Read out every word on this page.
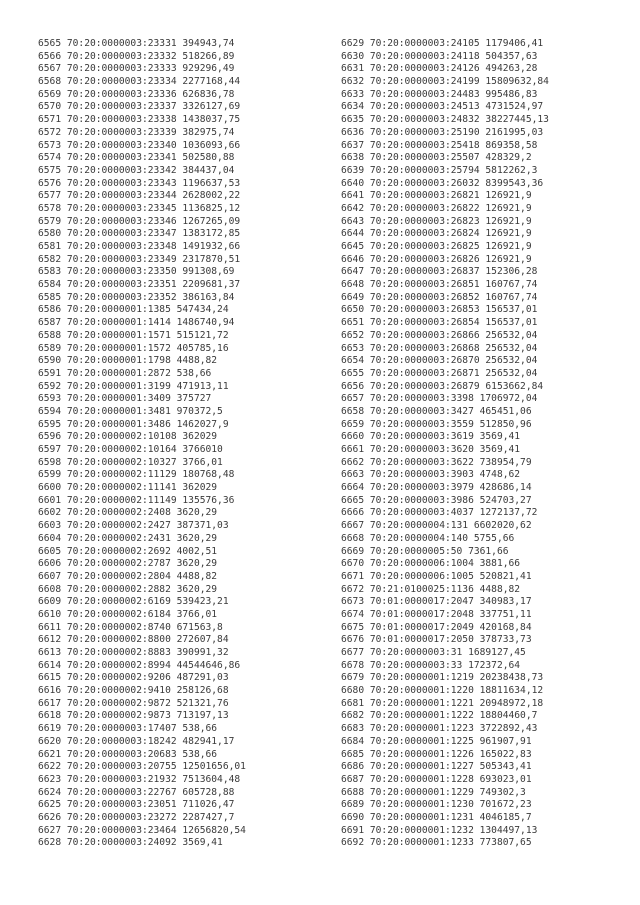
6565 70:20:0000003:23331 394943,74
6566 70:20:0000003:23332 518266,89
6567 70:20:0000003:23333 929296,49
6568 70:20:0000003:23334 2277168,44
6569 70:20:0000003:23336 626836,78
6570 70:20:0000003:23337 3326127,69
6571 70:20:0000003:23338 1438037,75
6572 70:20:0000003:23339 382975,74
6573 70:20:0000003:23340 1036093,66
6574 70:20:0000003:23341 502580,88
6575 70:20:0000003:23342 384437,04
6576 70:20:0000003:23343 1196637,53
6577 70:20:0000003:23344 2628002,22
6578 70:20:0000003:23345 1136825,12
6579 70:20:0000003:23346 1267265,09
6580 70:20:0000003:23347 1383172,85
6581 70:20:0000003:23348 1491932,66
6582 70:20:0000003:23349 2317870,51
6583 70:20:0000003:23350 991308,69
6584 70:20:0000003:23351 2209681,37
6585 70:20:0000003:23352 386163,84
6586 70:20:0000001:1385 547434,24
6587 70:20:0000001:1414 1486740,94
6588 70:20:0000001:1571 515121,72
6589 70:20:0000001:1572 405785,16
6590 70:20:0000001:1798 4488,82
6591 70:20:0000001:2872 538,66
6592 70:20:0000001:3199 471913,11
6593 70:20:0000001:3409 375727
6594 70:20:0000001:3481 970372,5
6595 70:20:0000001:3486 1462027,9
6596 70:20:0000002:10108 362029
6597 70:20:0000002:10164 3766010
6598 70:20:0000002:10327 3766,01
6599 70:20:0000002:11129 180768,48
6600 70:20:0000002:11141 362029
6601 70:20:0000002:11149 135576,36
6602 70:20:0000002:2408 3620,29
6603 70:20:0000002:2427 387371,03
6604 70:20:0000002:2431 3620,29
6605 70:20:0000002:2692 4002,51
6606 70:20:0000002:2787 3620,29
6607 70:20:0000002:2804 4488,82
6608 70:20:0000002:2882 3620,29
6609 70:20:0000002:6169 539423,21
6610 70:20:0000002:6184 3766,01
6611 70:20:0000002:8740 671563,8
6612 70:20:0000002:8800 272607,84
6613 70:20:0000002:8883 390991,32
6614 70:20:0000002:8994 44544646,86
6615 70:20:0000002:9206 487291,03
6616 70:20:0000002:9410 258126,68
6617 70:20:0000002:9872 521321,76
6618 70:20:0000002:9873 713197,13
6619 70:20:0000003:17407 538,66
6620 70:20:0000003:18242 482941,17
6621 70:20:0000003:20683 538,66
6622 70:20:0000003:20755 12501656,01
6623 70:20:0000003:21932 7513604,48
6624 70:20:0000003:22767 605728,88
6625 70:20:0000003:23051 711026,47
6626 70:20:0000003:23272 2287427,7
6627 70:20:0000003:23464 12656820,54
6628 70:20:0000003:24092 3569,41
6629 70:20:0000003:24105 1179406,41
6630 70:20:0000003:24118 504357,63
6631 70:20:0000003:24126 494263,28
6632 70:20:0000003:24199 15809632,84
6633 70:20:0000003:24483 995486,83
6634 70:20:0000003:24513 4731524,97
6635 70:20:0000003:24832 38227445,13
6636 70:20:0000003:25190 2161995,03
6637 70:20:0000003:25418 869358,58
6638 70:20:0000003:25507 428329,2
6639 70:20:0000003:25794 5812262,3
6640 70:20:0000003:26032 8399543,36
6641 70:20:0000003:26821 126921,9
6642 70:20:0000003:26822 126921,9
6643 70:20:0000003:26823 126921,9
6644 70:20:0000003:26824 126921,9
6645 70:20:0000003:26825 126921,9
6646 70:20:0000003:26826 126921,9
6647 70:20:0000003:26837 152306,28
6648 70:20:0000003:26851 160767,74
6649 70:20:0000003:26852 160767,74
6650 70:20:0000003:26853 156537,01
6651 70:20:0000003:26854 156537,01
6652 70:20:0000003:26866 256532,04
6653 70:20:0000003:26868 256532,04
6654 70:20:0000003:26870 256532,04
6655 70:20:0000003:26871 256532,04
6656 70:20:0000003:26879 6153662,84
6657 70:20:0000003:3398 1706972,04
6658 70:20:0000003:3427 465451,06
6659 70:20:0000003:3559 512850,96
6660 70:20:0000003:3619 3569,41
6661 70:20:0000003:3620 3569,41
6662 70:20:0000003:3622 738954,79
6663 70:20:0000003:3903 4748,62
6664 70:20:0000003:3979 428686,14
6665 70:20:0000003:3986 524703,27
6666 70:20:0000003:4037 1272137,72
6667 70:20:0000004:131 6602020,62
6668 70:20:0000004:140 5755,66
6669 70:20:0000005:50 7361,66
6670 70:20:0000006:1004 3881,66
6671 70:20:0000006:1005 520821,41
6672 70:21:0100025:1136 4488,82
6673 70:01:0000017:2047 340983,17
6674 70:01:0000017:2048 337751,11
6675 70:01:0000017:2049 420168,84
6676 70:01:0000017:2050 378733,73
6677 70:20:0000003:31 1689127,45
6678 70:20:0000003:33 172372,64
6679 70:20:0000001:1219 20238438,73
6680 70:20:0000001:1220 18811634,12
6681 70:20:0000001:1221 20948972,18
6682 70:20:0000001:1222 18804460,7
6683 70:20:0000001:1223 3722892,43
6684 70:20:0000001:1225 961907,91
6685 70:20:0000001:1226 165022,83
6686 70:20:0000001:1227 505343,41
6687 70:20:0000001:1228 693023,01
6688 70:20:0000001:1229 749302,3
6689 70:20:0000001:1230 701672,23
6690 70:20:0000001:1231 4046185,7
6691 70:20:0000001:1232 1304497,13
6692 70:20:0000001:1233 773807,65
